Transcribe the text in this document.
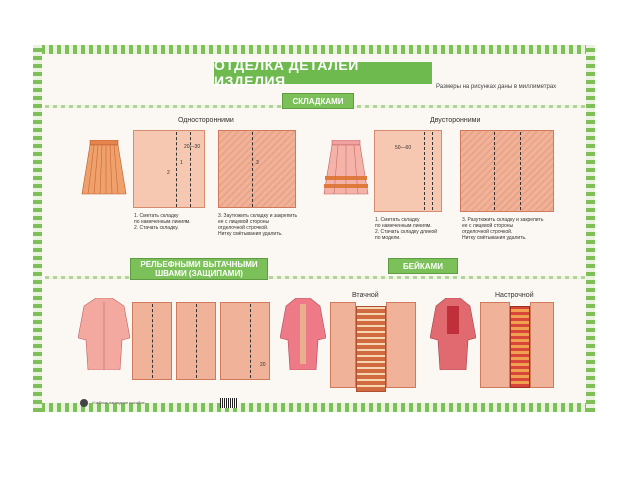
ОТДЕЛКА ДЕТАЛЕЙ ИЗДЕЛИЯ	Размеры на рисунках даны в миллиметрах
СКЛАДКАМИ
Односторонними	Двусторонними
20—30
1
2
3
1. Сметать складку
по намеченным линиям.
2. Стачать складку.
3. Заутюжить складку и закрепить
ее с лицевой стороны
отделочной строчкой.
Нитку смётывания удалить.
50—60
1. Сметать складку
по намеченным линиям.
2. Стачать складку длиной
по модели.
3. Разутюжить складку и закрепить
ее с лицевой стороны
отделочной строчкой.
Нитку смётывания удалить.
РЕЛЬЕФНЫМИ ВЫТАЧНЫМИ ШВАМИ (ЗАЩИПАМИ)
БЕЙКАМИ
Втачной	Настрочной
20
Учебное наглядное пособие
